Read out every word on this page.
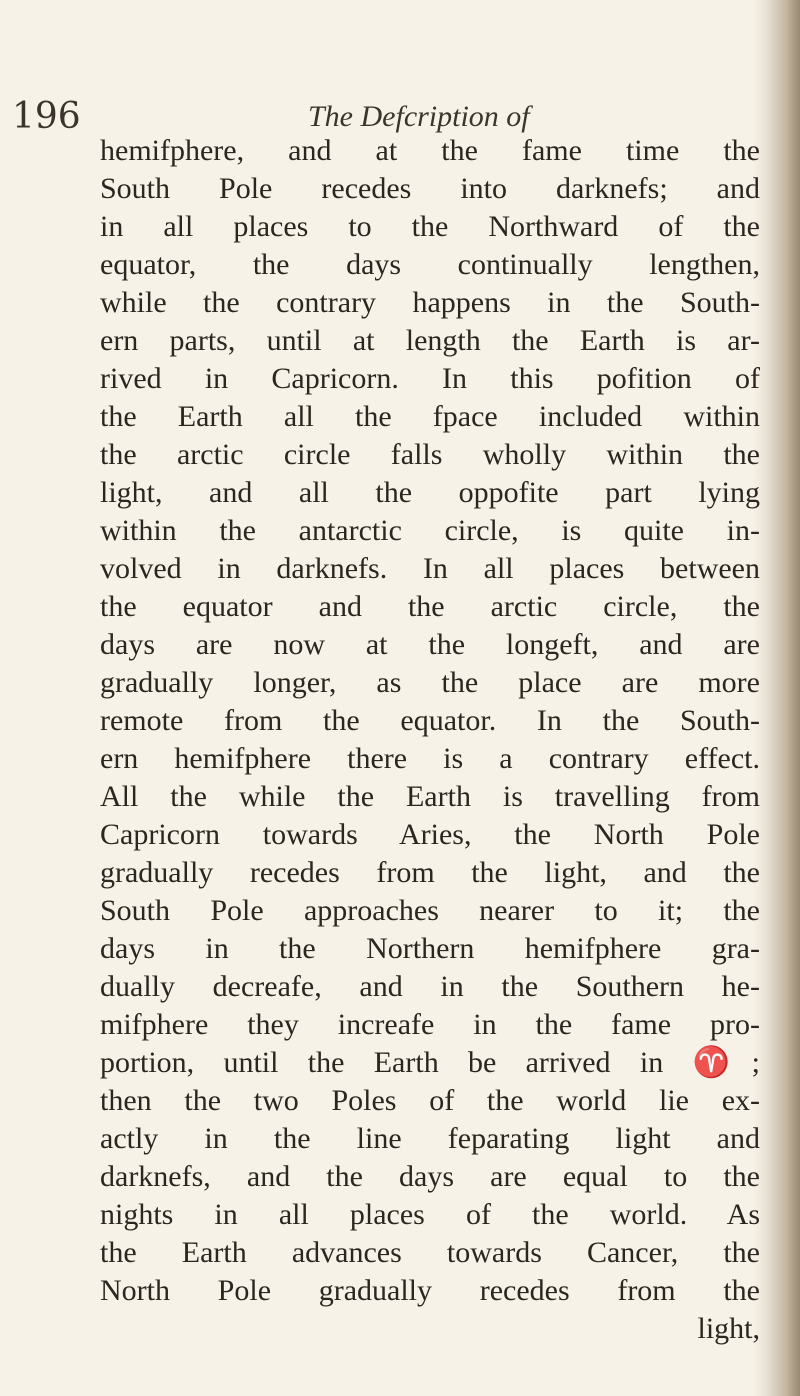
196	The Defcription of
hemifphere, and at the fame time the
South Pole recedes into darknefs; and
in all places to the Northward of the
equator, the days continually lengthen,
while the contrary happens in the South-
ern parts, until at length the Earth is ar-
rived in Capricorn. In this pofition of
the Earth all the fpace included within
the arctic circle falls wholly within the
light, and all the oppofite part lying
within the antarctic circle, is quite in-
volved in darknefs. In all places between
the equator and the arctic circle, the
days are now at the longeft, and are
gradually longer, as the place are more
remote from the equator. In the South-
ern hemifphere there is a contrary effect.
All the while the Earth is travelling from
Capricorn towards Aries, the North Pole
gradually recedes from the light, and the
South Pole approaches nearer to it; the
days in the Northern hemifphere gra-
dually decreafe, and in the Southern he-
mifphere they increafe in the fame pro-
portion, until the Earth be arrived in ♈;
then the two Poles of the world lie ex-
actly in the line feparating light and
darknefs, and the days are equal to the
nights in all places of the world. As
the Earth advances towards Cancer, the
North Pole gradually recedes from the
light,
